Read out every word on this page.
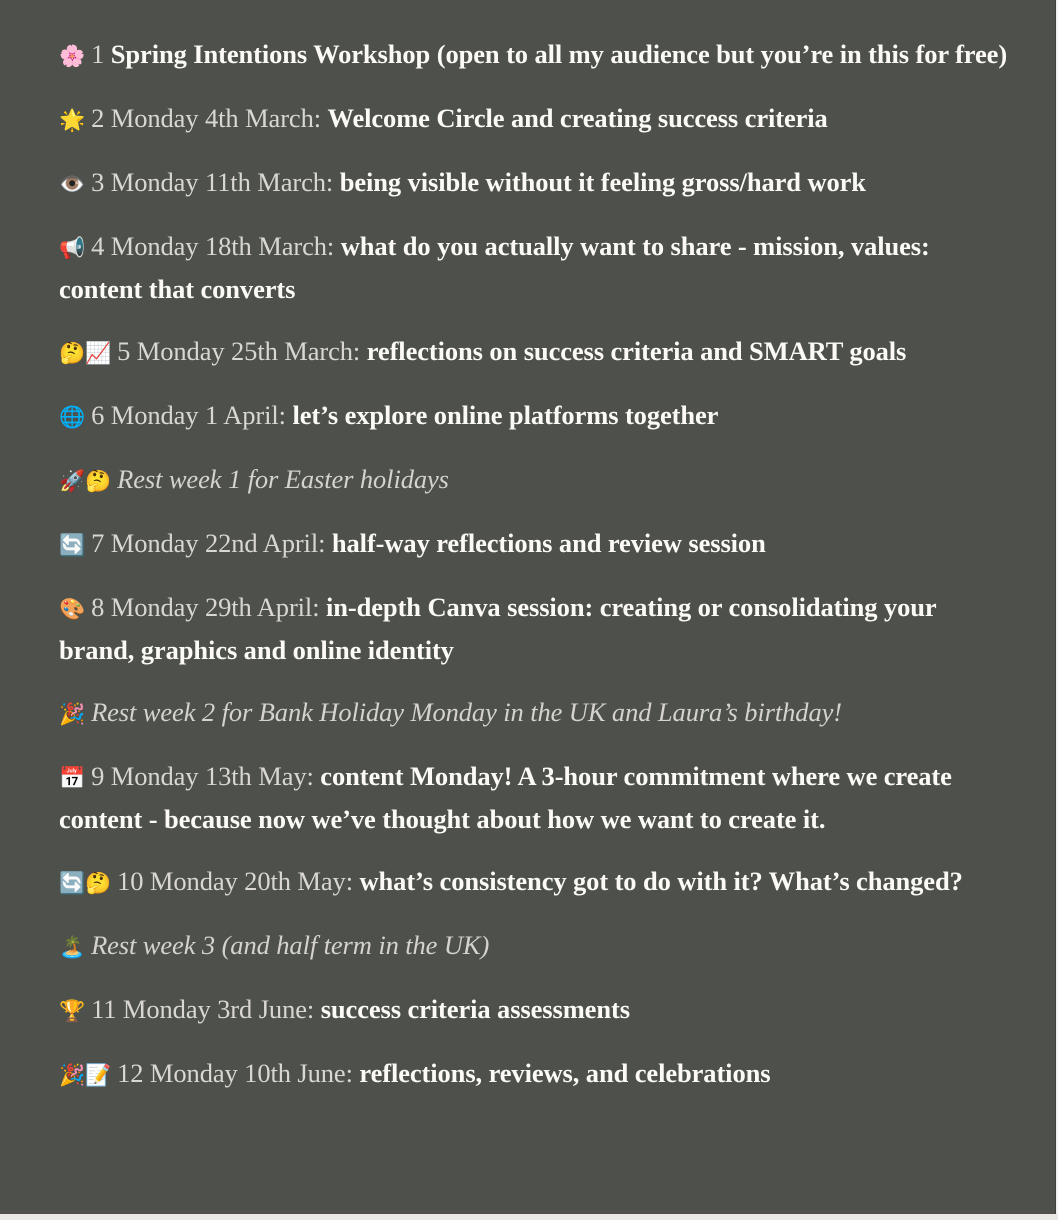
🌸 1 Spring Intentions Workshop (open to all my audience but you’re in this for free)
🌟 2 Monday 4th March: Welcome Circle and creating success criteria
👁️ 3 Monday 11th March: being visible without it feeling gross/hard work
📢 4 Monday 18th March: what do you actually want to share - mission, values: content that converts
🤔📈 5 Monday 25th March: reflections on success criteria and SMART goals
🌐 6 Monday 1 April: let’s explore online platforms together
🚀🤔 Rest week 1 for Easter holidays
🔄 7 Monday 22nd April: half-way reflections and review session
🎨 8 Monday 29th April: in-depth Canva session: creating or consolidating your brand, graphics and online identity
🎉 Rest week 2 for Bank Holiday Monday in the UK and Laura’s birthday!
📅 9 Monday 13th May: content Monday! A 3-hour commitment where we create content - because now we’ve thought about how we want to create it.
🔄🤔 10 Monday 20th May: what’s consistency got to do with it? What’s changed?
🏝️ Rest week 3 (and half term in the UK)
🏆 11 Monday 3rd June: success criteria assessments
🎉📝 12 Monday 10th June: reflections, reviews, and celebrations
